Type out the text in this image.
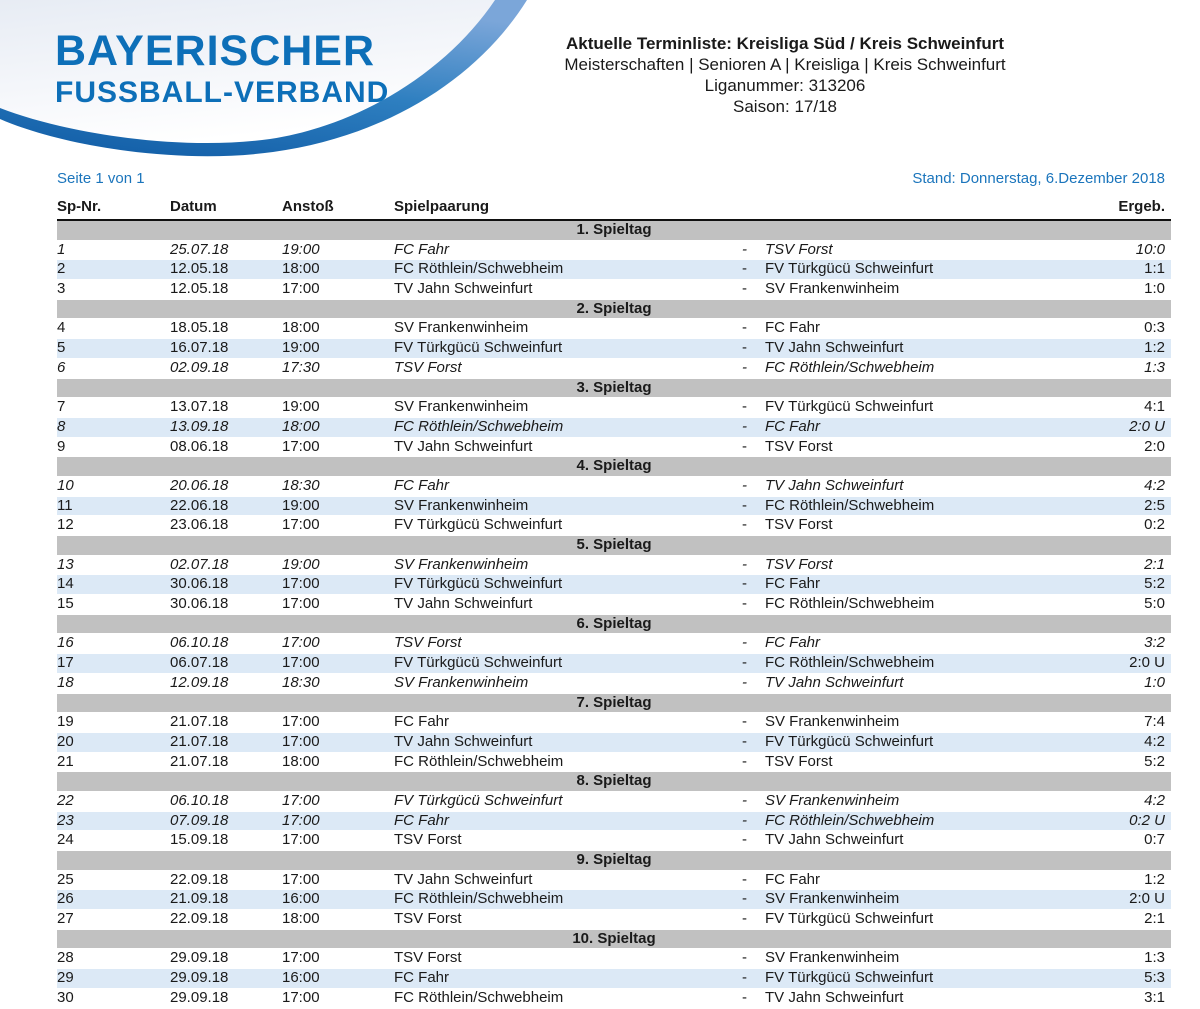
BAYERISCHER
FUSSBALL-VERBAND
Aktuelle Terminliste: Kreisliga Süd / Kreis Schweinfurt
Meisterschaften | Senioren A | Kreisliga | Kreis Schweinfurt
Liganummer: 313206
Saison: 17/18
Seite 1 von 1	Stand: Donnerstag, 6.Dezember 2018
Sp-Nr.	Datum	Anstoß	Spielpaarung	Ergeb.
1. Spieltag
1	25.07.18	19:00	FC Fahr	-	TSV Forst	10:0
2	12.05.18	18:00	FC Röthlein/Schwebheim	-	FV Türkgücü Schweinfurt	1:1
3	12.05.18	17:00	TV Jahn Schweinfurt	-	SV Frankenwinheim	1:0
2. Spieltag
4	18.05.18	18:00	SV Frankenwinheim	-	FC Fahr	0:3
5	16.07.18	19:00	FV Türkgücü Schweinfurt	-	TV Jahn Schweinfurt	1:2
6	02.09.18	17:30	TSV Forst	-	FC Röthlein/Schwebheim	1:3
3. Spieltag
7	13.07.18	19:00	SV Frankenwinheim	-	FV Türkgücü Schweinfurt	4:1
8	13.09.18	18:00	FC Röthlein/Schwebheim	-	FC Fahr	2:0 U
9	08.06.18	17:00	TV Jahn Schweinfurt	-	TSV Forst	2:0
4. Spieltag
10	20.06.18	18:30	FC Fahr	-	TV Jahn Schweinfurt	4:2
11	22.06.18	19:00	SV Frankenwinheim	-	FC Röthlein/Schwebheim	2:5
12	23.06.18	17:00	FV Türkgücü Schweinfurt	-	TSV Forst	0:2
5. Spieltag
13	02.07.18	19:00	SV Frankenwinheim	-	TSV Forst	2:1
14	30.06.18	17:00	FV Türkgücü Schweinfurt	-	FC Fahr	5:2
15	30.06.18	17:00	TV Jahn Schweinfurt	-	FC Röthlein/Schwebheim	5:0
6. Spieltag
16	06.10.18	17:00	TSV Forst	-	FC Fahr	3:2
17	06.07.18	17:00	FV Türkgücü Schweinfurt	-	FC Röthlein/Schwebheim	2:0 U
18	12.09.18	18:30	SV Frankenwinheim	-	TV Jahn Schweinfurt	1:0
7. Spieltag
19	21.07.18	17:00	FC Fahr	-	SV Frankenwinheim	7:4
20	21.07.18	17:00	TV Jahn Schweinfurt	-	FV Türkgücü Schweinfurt	4:2
21	21.07.18	18:00	FC Röthlein/Schwebheim	-	TSV Forst	5:2
8. Spieltag
22	06.10.18	17:00	FV Türkgücü Schweinfurt	-	SV Frankenwinheim	4:2
23	07.09.18	17:00	FC Fahr	-	FC Röthlein/Schwebheim	0:2 U
24	15.09.18	17:00	TSV Forst	-	TV Jahn Schweinfurt	0:7
9. Spieltag
25	22.09.18	17:00	TV Jahn Schweinfurt	-	FC Fahr	1:2
26	21.09.18	16:00	FC Röthlein/Schwebheim	-	SV Frankenwinheim	2:0 U
27	22.09.18	18:00	TSV Forst	-	FV Türkgücü Schweinfurt	2:1
10. Spieltag
28	29.09.18	17:00	TSV Forst	-	SV Frankenwinheim	1:3
29	29.09.18	16:00	FC Fahr	-	FV Türkgücü Schweinfurt	5:3
30	29.09.18	17:00	FC Röthlein/Schwebheim	-	TV Jahn Schweinfurt	3:1
